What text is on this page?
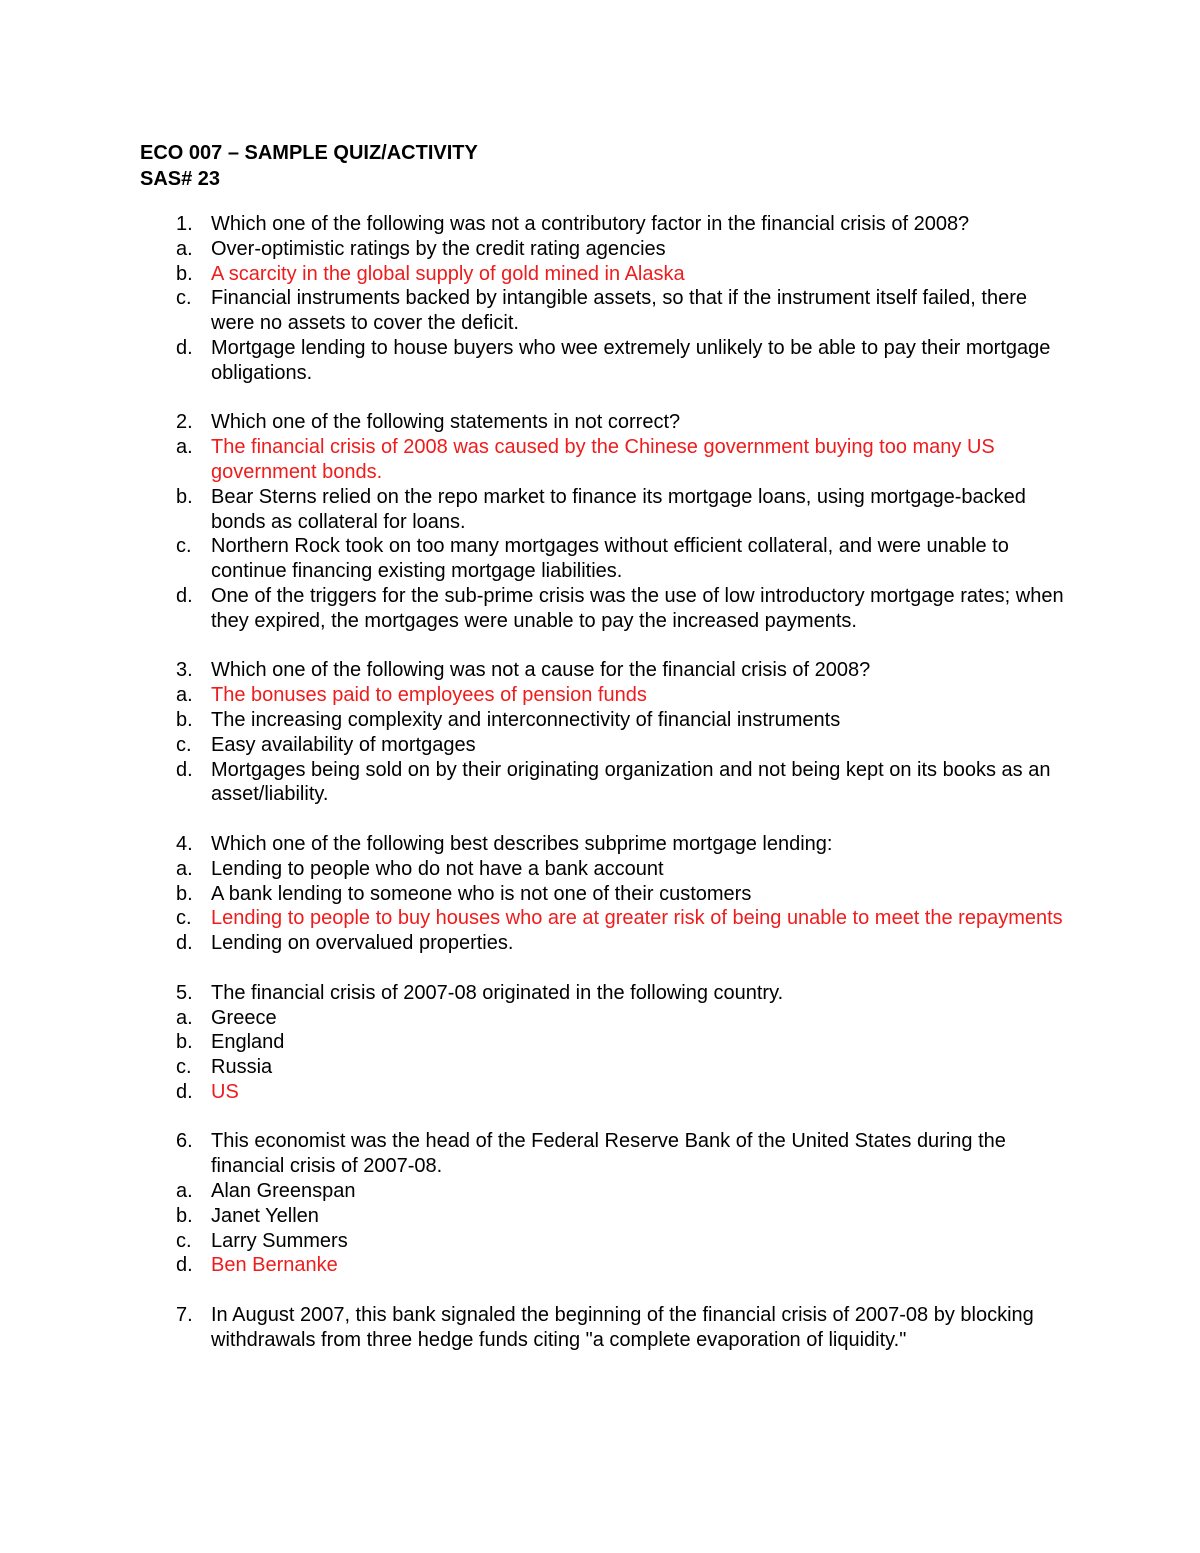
ECO 007 – SAMPLE QUIZ/ACTIVITY
SAS# 23
1. Which one of the following was not a contributory factor in the financial crisis of 2008?
a. Over-optimistic ratings by the credit rating agencies
b. A scarcity in the global supply of gold mined in Alaska
c. Financial instruments backed by intangible assets, so that if the instrument itself failed, there were no assets to cover the deficit.
d. Mortgage lending to house buyers who wee extremely unlikely to be able to pay their mortgage obligations.
2. Which one of the following statements in not correct?
a. The financial crisis of 2008 was caused by the Chinese government buying too many US government bonds.
b. Bear Sterns relied on the repo market to finance its mortgage loans, using mortgage-backed bonds as collateral for loans.
c. Northern Rock took on too many mortgages without efficient collateral, and were unable to continue financing existing mortgage liabilities.
d. One of the triggers for the sub-prime crisis was the use of low introductory mortgage rates; when they expired, the mortgages were unable to pay the increased payments.
3. Which one of the following was not a cause for the financial crisis of 2008?
a. The bonuses paid to employees of pension funds
b. The increasing complexity and interconnectivity of financial instruments
c. Easy availability of mortgages
d. Mortgages being sold on by their originating organization and not being kept on its books as an asset/liability.
4. Which one of the following best describes subprime mortgage lending:
a. Lending to people who do not have a bank account
b. A bank lending to someone who is not one of their customers
c. Lending to people to buy houses who are at greater risk of being unable to meet the repayments
d. Lending on overvalued properties.
5. The financial crisis of 2007-08 originated in the following country.
a. Greece
b. England
c. Russia
d. US
6. This economist was the head of the Federal Reserve Bank of the United States during the financial crisis of 2007-08.
a. Alan Greenspan
b. Janet Yellen
c. Larry Summers
d. Ben Bernanke
7. In August 2007, this bank signaled the beginning of the financial crisis of 2007-08 by blocking withdrawals from three hedge funds citing "a complete evaporation of liquidity."
